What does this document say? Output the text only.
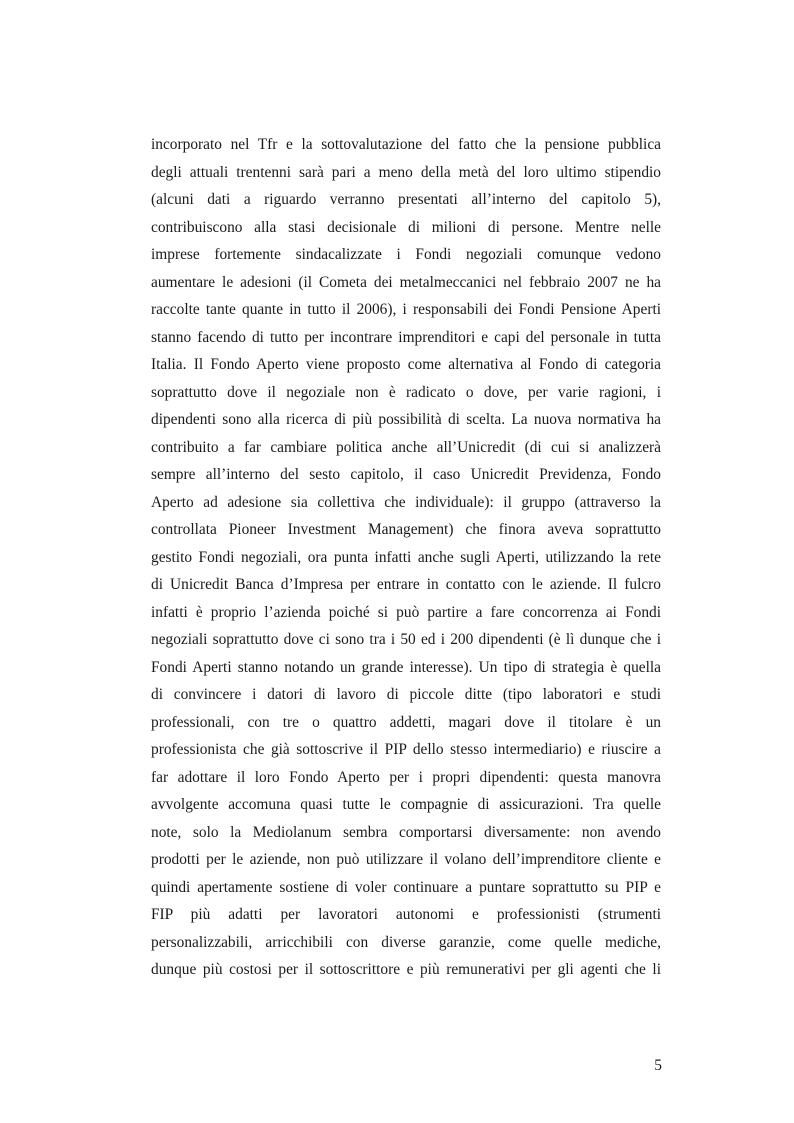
incorporato nel Tfr e la sottovalutazione del fatto che la pensione pubblica
degli attuali trentenni sarà pari a meno della metà del loro ultimo stipendio
(alcuni dati a riguardo verranno presentati all’interno del capitolo 5),
contribuiscono alla stasi decisionale di milioni di persone. Mentre nelle
imprese fortemente sindacalizzate i Fondi negoziali comunque vedono
aumentare le adesioni (il Cometa dei metalmeccanici nel febbraio 2007 ne ha
raccolte tante quante in tutto il 2006), i responsabili dei Fondi Pensione Aperti
stanno facendo di tutto per incontrare imprenditori e capi del personale in tutta
Italia. Il Fondo Aperto viene proposto come alternativa al Fondo di categoria
soprattutto dove il negoziale non è radicato o dove, per varie ragioni, i
dipendenti sono alla ricerca di più possibilità di scelta. La nuova normativa ha
contribuito a far cambiare politica anche all’Unicredit (di cui si analizzerà
sempre all’interno del sesto capitolo, il caso Unicredit Previdenza, Fondo
Aperto ad adesione sia collettiva che individuale): il gruppo (attraverso la
controllata Pioneer Investment Management) che finora aveva soprattutto
gestito Fondi negoziali, ora punta infatti anche sugli Aperti, utilizzando la rete
di Unicredit Banca d’Impresa per entrare in contatto con le aziende. Il fulcro
infatti è proprio l’azienda poiché si può partire a fare concorrenza ai Fondi
negoziali soprattutto dove ci sono tra i 50 ed i 200 dipendenti (è lì dunque che i
Fondi Aperti stanno notando un grande interesse). Un tipo di strategia è quella
di convincere i datori di lavoro di piccole ditte (tipo laboratori e studi
professionali, con tre o quattro addetti, magari dove il titolare è un
professionista che già sottoscrive il PIP dello stesso intermediario) e riuscire a
far adottare il loro Fondo Aperto per i propri dipendenti: questa manovra
avvolgente accomuna quasi tutte le compagnie di assicurazioni. Tra quelle
note, solo la Mediolanum sembra comportarsi diversamente: non avendo
prodotti per le aziende, non può utilizzare il volano dell’imprenditore cliente e
quindi apertamente sostiene di voler continuare a puntare soprattutto su PIP e
FIP più adatti per lavoratori autonomi e professionisti (strumenti
personalizzabili, arricchibili con diverse garanzie, come quelle mediche,
dunque più costosi per il sottoscrittore e più remunerativi per gli agenti che li
5
